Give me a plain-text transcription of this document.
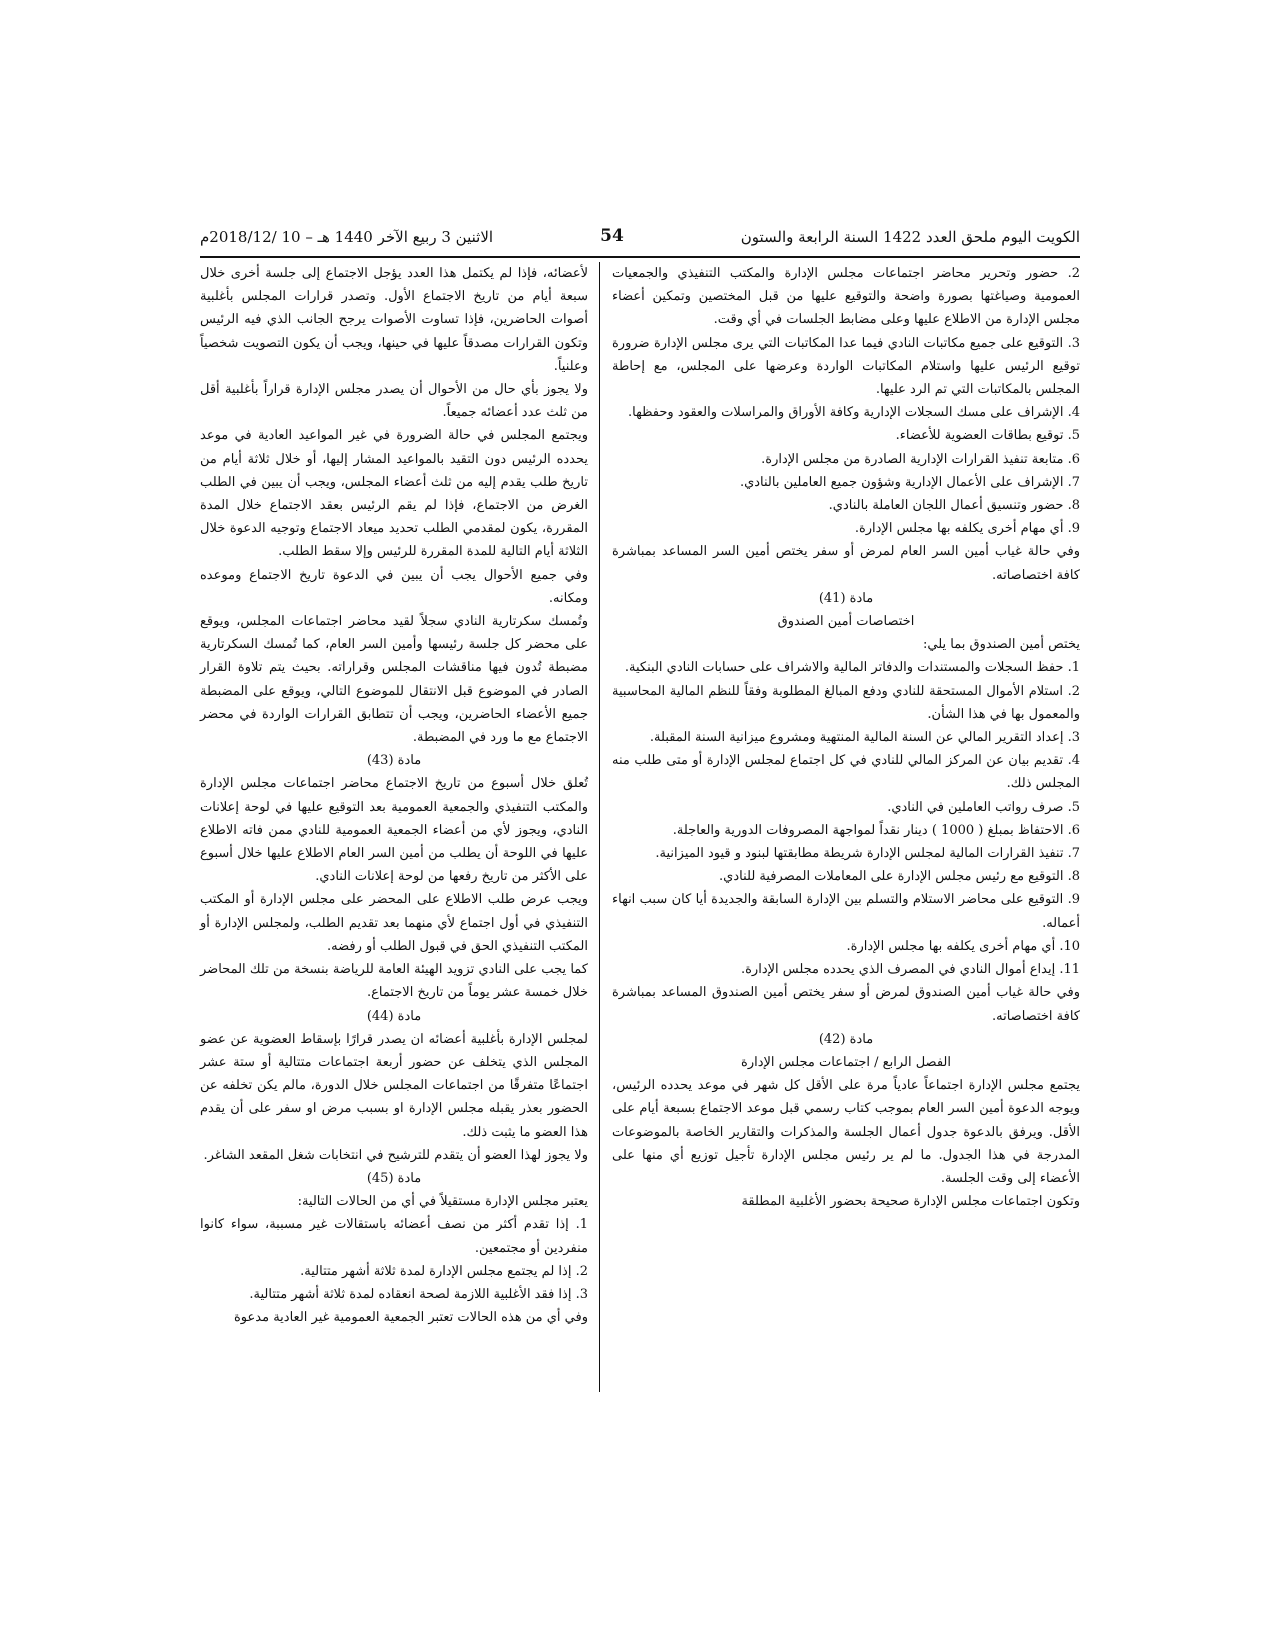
الكويت اليوم ملحق العدد 1422 السنة الرابعة والستون
54
الاثنين 3 ربيع الآخر 1440 هـ – 10 /2018/12م

2. حضور وتحرير محاضر اجتماعات مجلس الإدارة والمكتب التنفيذي والجمعيات العمومية وصياغتها بصورة واضحة والتوقيع عليها من قبل المختصين وتمكين أعضاء مجلس الإدارة من الاطلاع عليها وعلى مضابط الجلسات في أي وقت.

3. التوقيع على جميع مكاتبات النادي فيما عدا المكاتبات التي يرى مجلس الإدارة ضرورة توقيع الرئيس عليها واستلام المكاتبات الواردة وعرضها على المجلس، مع إحاطة المجلس بالمكاتبات التي تم الرد عليها.

4. الإشراف على مسك السجلات الإدارية وكافة الأوراق والمراسلات والعقود وحفظها.

5. توقيع بطاقات العضوية للأعضاء.

6. متابعة تنفيذ القرارات الإدارية الصادرة من مجلس الإدارة.

7. الإشراف على الأعمال الإدارية وشؤون جميع العاملين بالنادي.

8. حضور وتنسيق أعمال اللجان العاملة بالنادي.

9. أي مهام أخرى يكلفه بها مجلس الإدارة.

وفي حالة غياب أمين السر العام لمرض أو سفر يختص أمين السر المساعد بمباشرة كافة اختصاصاته.

مادة (41)

اختصاصات أمين الصندوق

يختص أمين الصندوق بما يلي:

1. حفظ السجلات والمستندات والدفاتر المالية والاشراف على حسابات النادي البنكية.

2. استلام الأموال المستحقة للنادي ودفع المبالغ المطلوبة وفقاً للنظم المالية المحاسبية والمعمول بها في هذا الشأن.

3. إعداد التقرير المالي عن السنة المالية المنتهية ومشروع ميزانية السنة المقبلة.

4. تقديم بيان عن المركز المالي للنادي في كل اجتماع لمجلس الإدارة أو متى طلب منه المجلس ذلك.

5. صرف رواتب العاملين في النادي.

6. الاحتفاظ بمبلغ ( 1000 ) دينار نقداً لمواجهة المصروفات الدورية والعاجلة.

7. تنفيذ القرارات المالية لمجلس الإدارة شريطة مطابقتها لبنود و قيود الميزانية.

8. التوقيع مع رئيس مجلس الإدارة على المعاملات المصرفية للنادي.

9. التوقيع على محاضر الاستلام والتسلم بين الإدارة السابقة والجديدة أيا كان سبب انهاء أعماله.

10. أي مهام أخرى يكلفه بها مجلس الإدارة.

11. إيداع أموال النادي في المصرف الذي يحدده مجلس الإدارة.

وفي حالة غياب أمين الصندوق لمرض أو سفر يختص أمين الصندوق المساعد بمباشرة كافة اختصاصاته.

مادة (42)

الفصل الرابع / اجتماعات مجلس الإدارة

يجتمع مجلس الإدارة اجتماعاً عادياً مرة على الأقل كل شهر في موعد يحدده الرئيس، ويوجه الدعوة أمين السر العام بموجب كتاب رسمي قبل موعد الاجتماع بسبعة أيام على الأقل. ويرفق بالدعوة جدول أعمال الجلسة والمذكرات والتقارير الخاصة بالموضوعات المدرجة في هذا الجدول. ما لم ير رئيس مجلس الإدارة تأجيل توزيع أي منها على الأعضاء إلى وقت الجلسة.

وتكون اجتماعات مجلس الإدارة صحيحة بحضور الأغلبية المطلقة

لأعضائه، فإذا لم يكتمل هذا العدد يؤجل الاجتماع إلى جلسة أخرى خلال سبعة أيام من تاريخ الاجتماع الأول. وتصدر قرارات المجلس بأغلبية أصوات الحاضرين، فإذا تساوت الأصوات يرجح الجانب الذي فيه الرئيس وتكون القرارات مصدقاً عليها في حينها، ويجب أن يكون التصويت شخصياً وعلنياً.

ولا يجوز بأي حال من الأحوال أن يصدر مجلس الإدارة قراراً بأغلبية أقل من ثلث عدد أعضائه جميعاً.

ويجتمع المجلس في حالة الضرورة في غير المواعيد العادية في موعد يحدده الرئيس دون التقيد بالمواعيد المشار إليها، أو خلال ثلاثة أيام من تاريخ طلب يقدم إليه من ثلث أعضاء المجلس، ويجب أن يبين في الطلب الغرض من الاجتماع، فإذا لم يقم الرئيس بعقد الاجتماع خلال المدة المقررة، يكون لمقدمي الطلب تحديد ميعاد الاجتماع وتوجيه الدعوة خلال الثلاثة أيام التالية للمدة المقررة للرئيس وإلا سقط الطلب.

وفي جميع الأحوال يجب أن يبين في الدعوة تاريخ الاجتماع وموعده ومكانه.

وتُمسك سكرتارية النادي سجلاً لقيد محاضر اجتماعات المجلس، ويوقع على محضر كل جلسة رئيسها وأمين السر العام، كما تُمسك السكرتارية مضبطة تُدون فيها مناقشات المجلس وقراراته. بحيث يتم تلاوة القرار الصادر في الموضوع قبل الانتقال للموضوع التالي، ويوقع على المضبطة جميع الأعضاء الحاضرين، ويجب أن تتطابق القرارات الواردة في محضر الاجتماع مع ما ورد في المضبطة.

مادة (43)

تُعلق خلال أسبوع من تاريخ الاجتماع محاضر اجتماعات مجلس الإدارة والمكتب التنفيذي والجمعية العمومية بعد التوقيع عليها في لوحة إعلانات النادي، ويجوز لأي من أعضاء الجمعية العمومية للنادي ممن فاته الاطلاع عليها في اللوحة أن يطلب من أمين السر العام الاطلاع عليها خلال أسبوع على الأكثر من تاريخ رفعها من لوحة إعلانات النادي.

ويجب عرض طلب الاطلاع على المحضر على مجلس الإدارة أو المكتب التنفيذي في أول اجتماع لأي منهما بعد تقديم الطلب، ولمجلس الإدارة أو المكتب التنفيذي الحق في قبول الطلب أو رفضه.

كما يجب على النادي تزويد الهيئة العامة للرياضة بنسخة من تلك المحاضر خلال خمسة عشر يوماً من تاريخ الاجتماع.

مادة (44)

لمجلس الإدارة بأغلبية أعضائه ان يصدر قرارًا بإسقاط العضوية عن عضو المجلس الذي يتخلف عن حضور أربعة اجتماعات متتالية أو ستة عشر اجتماعًا متفرقًا من اجتماعات المجلس خلال الدورة، مالم يكن تخلفه عن الحضور بعذر يقبله مجلس الإدارة او بسبب مرض او سفر على أن يقدم هذا العضو ما يثبت ذلك.

ولا يجوز لهذا العضو أن يتقدم للترشيح في انتخابات شغل المقعد الشاغر.

مادة (45)

يعتبر مجلس الإدارة مستقيلاً في أي من الحالات التالية:

1. إذا تقدم أكثر من نصف أعضائه باستقالات غير مسببة، سواء كانوا منفردين أو مجتمعين.

2. إذا لم يجتمع مجلس الإدارة لمدة ثلاثة أشهر متتالية.

3. إذا فقد الأغلبية اللازمة لصحة انعقاده لمدة ثلاثة أشهر متتالية.

وفي أي من هذه الحالات تعتبر الجمعية العمومية غير العادية مدعوة
